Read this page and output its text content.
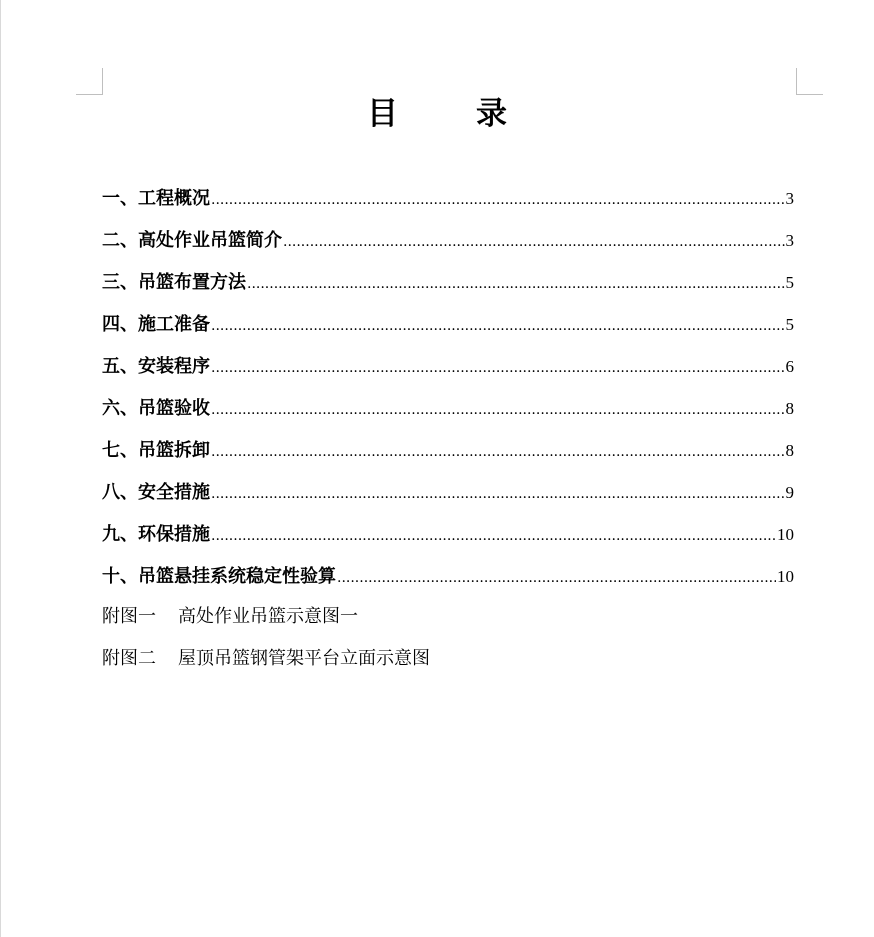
目	录
一、工程概况 .....	3
二、高处作业吊篮简介 .....	3
三、吊篮布置方法 .....	5
四、施工准备 .....	5
五、安装程序 .....	6
六、吊篮验收 .....	8
七、吊篮拆卸 .....	8
八、安全措施 .....	9
九、环保措施 .....	10
十、吊篮悬挂系统稳定性验算 .....	10
附图一 高处作业吊篮示意图一
附图二 屋顶吊篮钢管架平台立面示意图
